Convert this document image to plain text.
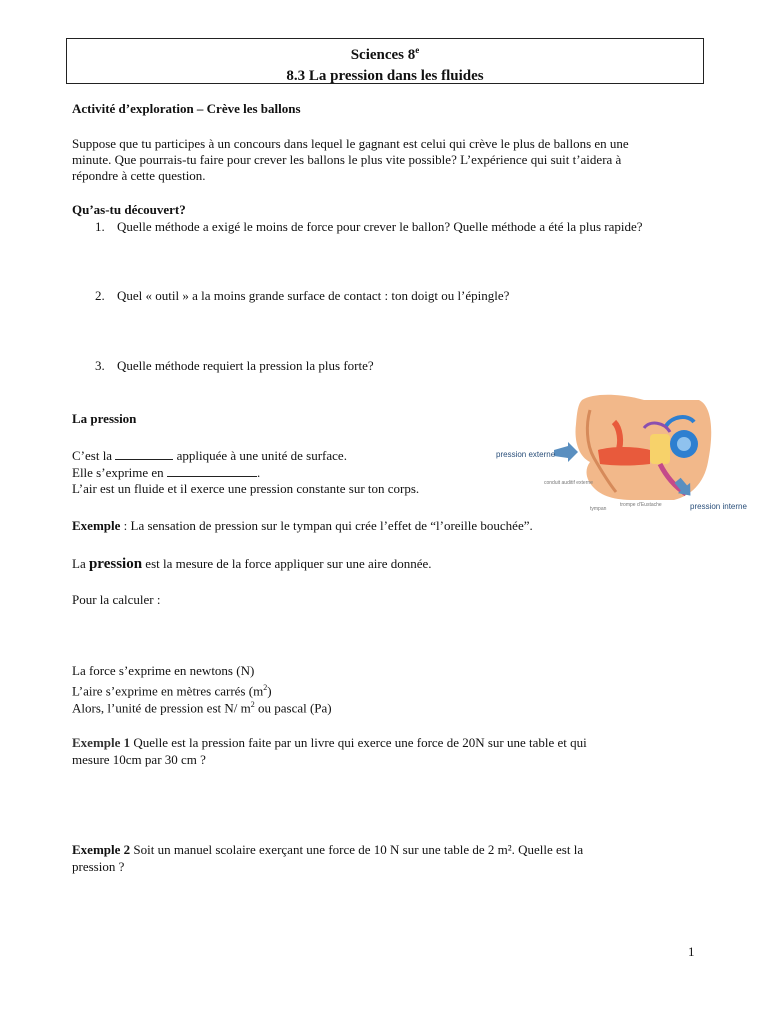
Sciences 8e
8.3 La pression dans les fluides
Activité d’exploration – Crève les ballons
Suppose que tu participes à un concours dans lequel le gagnant est celui qui crève le plus de ballons en une
minute. Que pourrais-tu faire pour crever les ballons le plus vite possible? L’expérience qui suit t’aidera à
répondre à cette question.
Qu’as-tu découvert?
1. Quelle méthode a exigé le moins de force pour crever le ballon? Quelle méthode a été la plus rapide?
2. Quel « outil » a la moins grande surface de contact : ton doigt ou l’épingle?
3. Quelle méthode requiert la pression la plus forte?
La pression
C’est la	appliquée à une unité de surface.
Elle s’exprime en	.
L’air est un fluide et il exerce une pression constante sur ton corps.
Exemple : La sensation de pression sur le tympan qui crée l’effet de “l’oreille bouchée”.
La pression est la mesure de la force appliquer sur une aire donnée.
Pour la calculer :
La force s’exprime en newtons (N)
L’aire s’exprime en mètres carrés $(m^2)$
Alors, l’unité de pression est N/ $m^2$ ou pascal (Pa)
Exemple 1 Quelle est la pression faite par un livre qui exerce une force de 20N sur une table et qui
mesure 10cm par 30 cm ?
Exemple 2 Soit un manuel scolaire exerçant une force de 10 N sur une table de 2 m². Quelle est la
pression ?
pression externe
pression interne
conduit auditif externe
tympan
trompe d’Eustache
1
